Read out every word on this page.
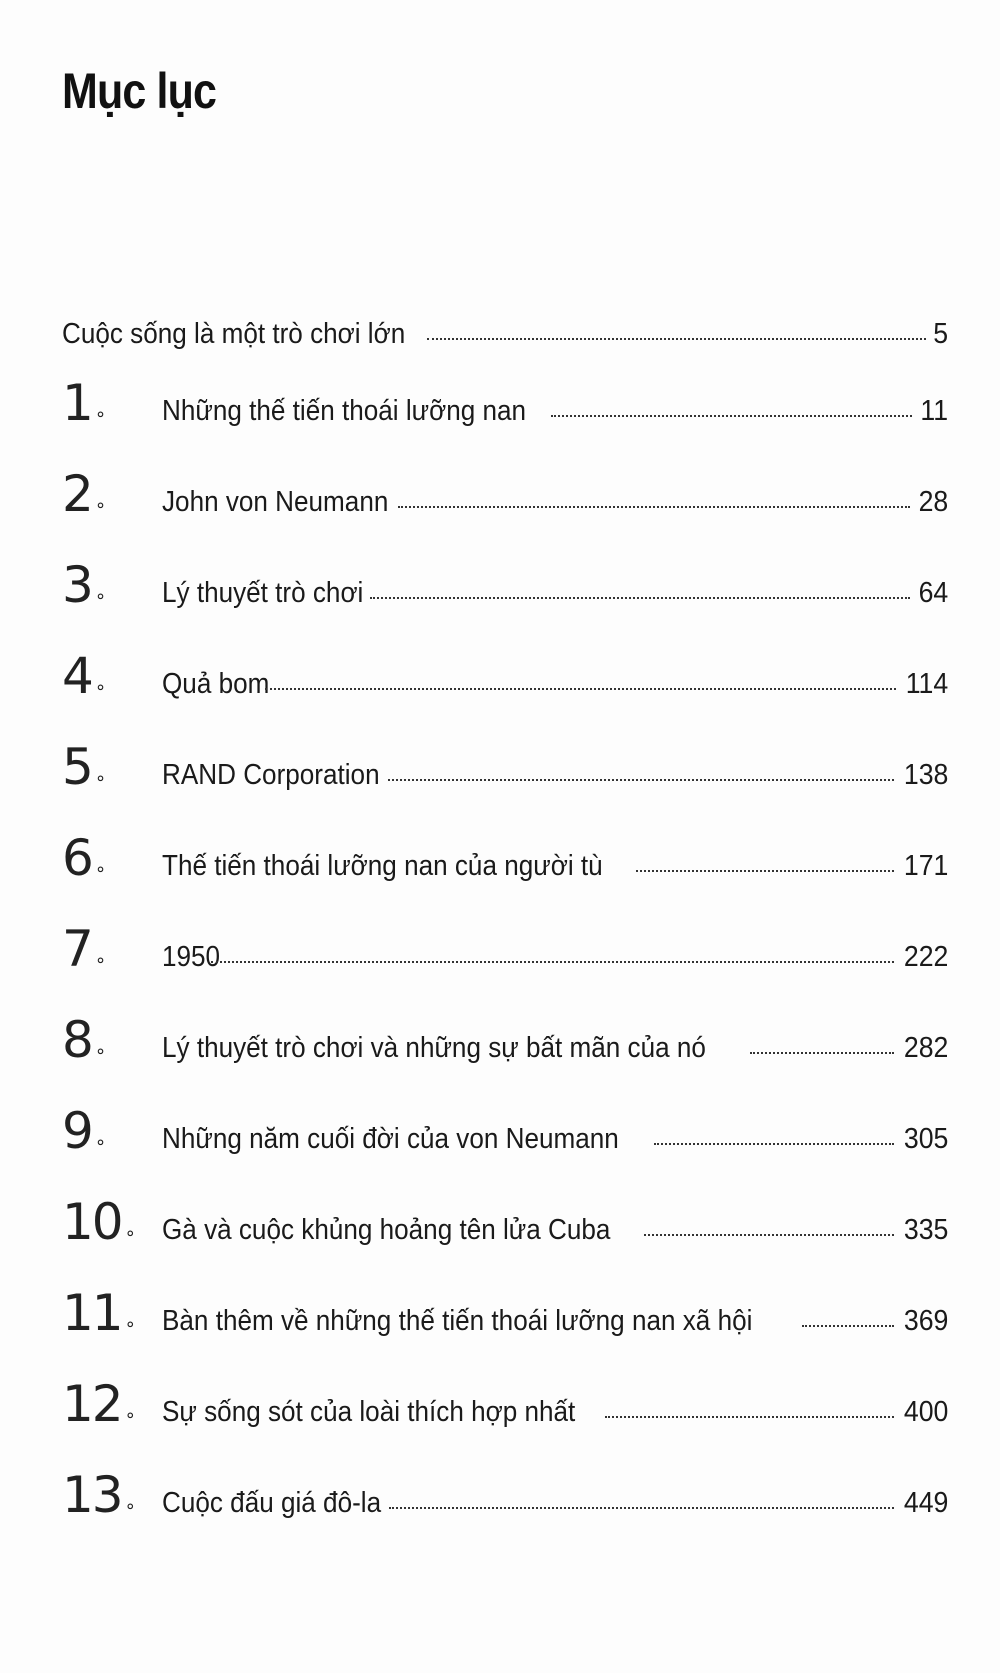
Mục lục
Cuộc sống là một trò chơi lớn	5
1 ∘	Những thế tiến thoái lưỡng nan	11
2 ∘	John von Neumann	28
3 ∘	Lý thuyết trò chơi	64
4 ∘	Quả bom	114
5 ∘	RAND Corporation	138
6 ∘	Thế tiến thoái lưỡng nan của người tù	171
7 ∘	1950	222
8 ∘	Lý thuyết trò chơi và những sự bất mãn của nó	282
9 ∘	Những năm cuối đời của von Neumann	305
10 ∘ Gà và cuộc khủng hoảng tên lửa Cuba	335
11 ∘ Bàn thêm về những thế tiến thoái lưỡng nan xã hội	369
12 ∘ Sự sống sót của loài thích hợp nhất	400
13 ∘ Cuộc đấu giá đô-la	449
